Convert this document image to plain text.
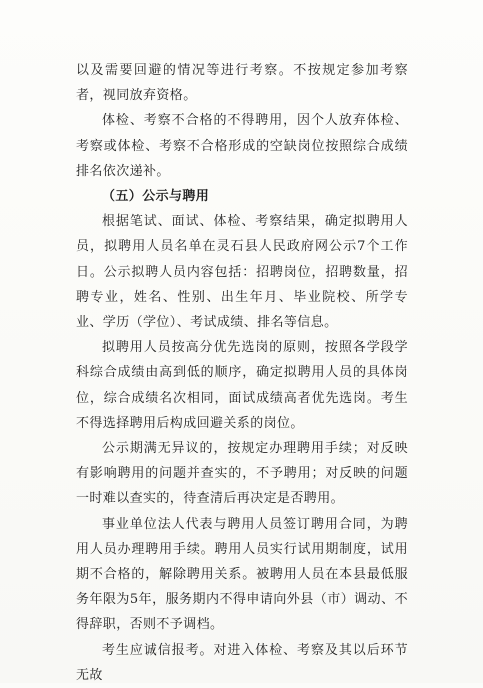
以及需要回避的情况等进行考察。不按规定参加考察者，视同放弃资格。

体检、考察不合格的不得聘用，因个人放弃体检、考察或体检、考察不合格形成的空缺岗位按照综合成绩排名依次递补。

（五）公示与聘用

根据笔试、面试、体检、考察结果，确定拟聘用人员，拟聘用人员名单在灵石县人民政府网公示7个工作日。公示拟聘人员内容包括：招聘岗位，招聘数量，招聘专业，姓名、性别、出生年月、毕业院校、所学专业、学历（学位）、考试成绩、排名等信息。

拟聘用人员按高分优先选岗的原则，按照各学段学科综合成绩由高到低的顺序，确定拟聘用人员的具体岗位，综合成绩名次相同，面试成绩高者优先选岗。考生不得选择聘用后构成回避关系的岗位。

公示期满无异议的，按规定办理聘用手续；对反映有影响聘用的问题并查实的，不予聘用；对反映的问题一时难以查实的，待查清后再决定是否聘用。

事业单位法人代表与聘用人员签订聘用合同，为聘用人员办理聘用手续。聘用人员实行试用期制度，试用期不合格的，解除聘用关系。被聘用人员在本县最低服务年限为5年，服务期内不得申请向外县（市）调动、不得辞职，否则不予调档。

考生应诚信报考。对进入体检、考察及其以后环节无故
